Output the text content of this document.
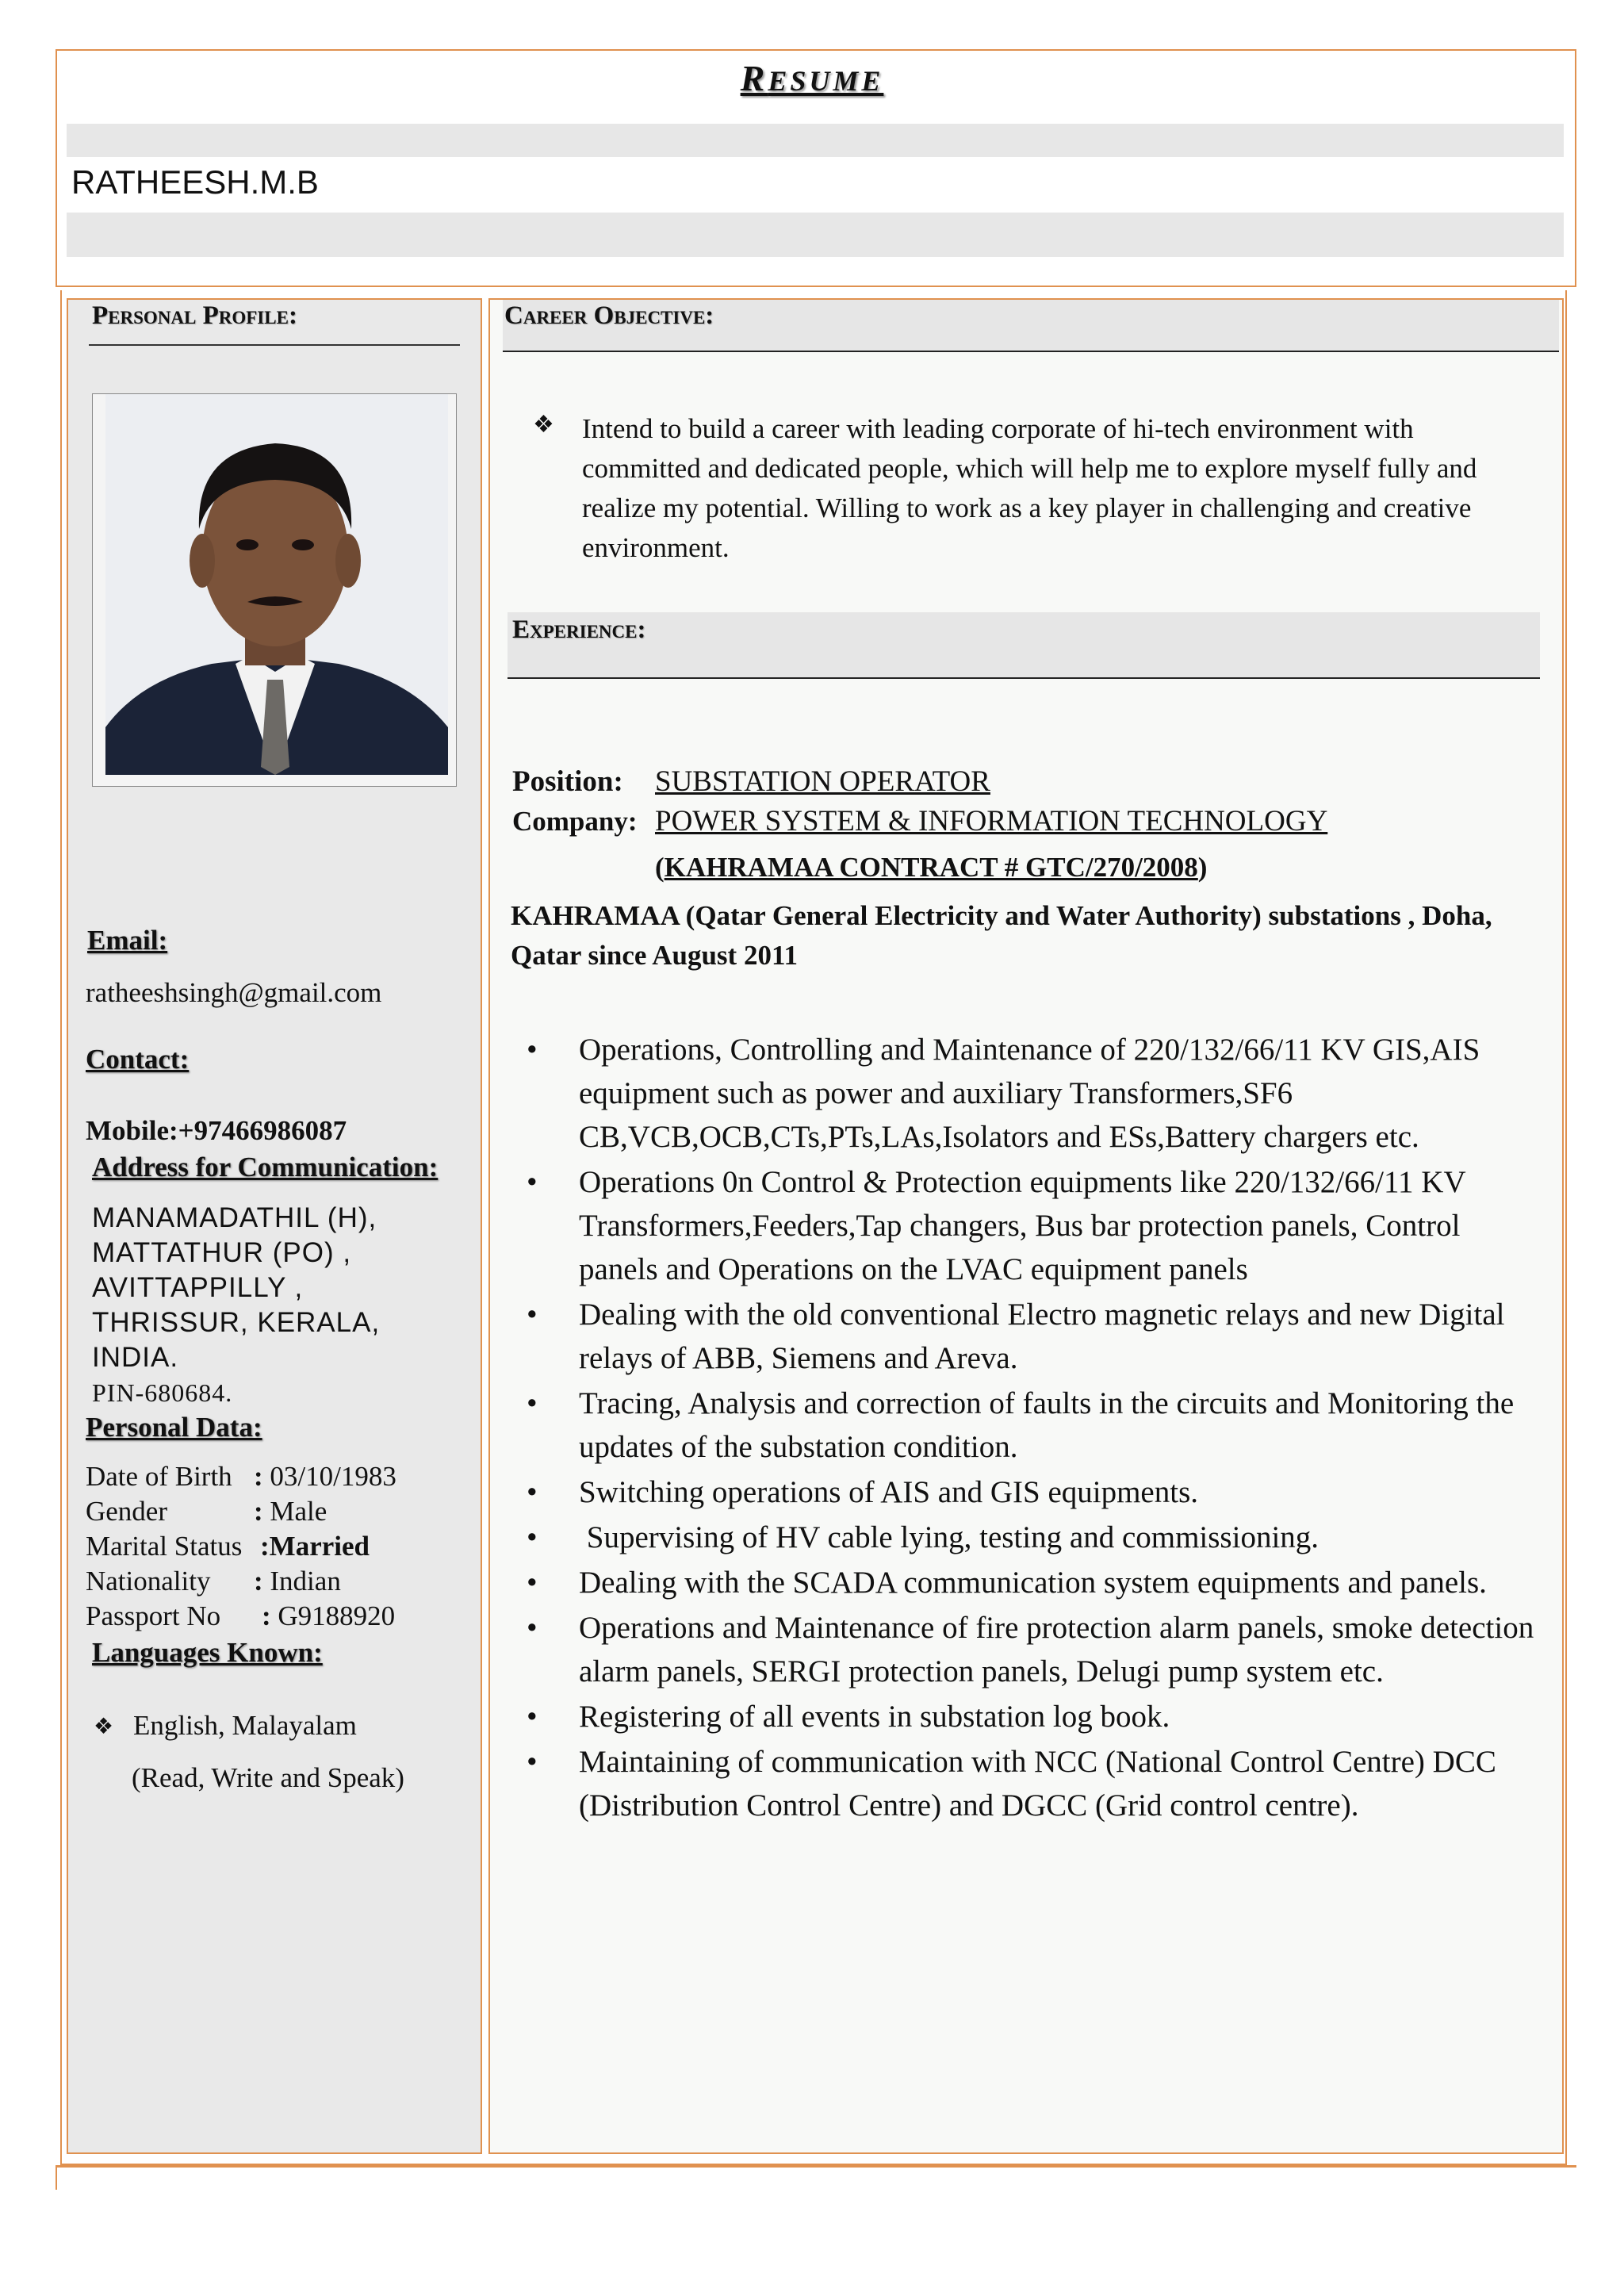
RESUME
RATHEESH.M.B
Personal Profile:
Email:
ratheeshsingh@gmail.com
Contact:
Mobile:+97466986087
Address for Communication:
MANAMADATHIL (H),
MATTATHUR (PO) ,
AVITTAPPILLY ,
THRISSUR, KERALA,
INDIA.
PIN-680684.
Personal Data:
Date of Birth : 03/10/1983
Gender	: Male
Marital Status :Married
Nationality : Indian
Passport No : G9188920
Languages Known:
❖ English, Malayalam
(Read, Write and Speak)
Career Objective:
❖ Intend to build a career with leading corporate of hi-tech environment with committed and dedicated people, which will help me to explore myself fully and realize my potential. Willing to work as a key player in challenging and creative environment.
Experience:
Position: SUBSTATION OPERATOR
Company: POWER SYSTEM & INFORMATION TECHNOLOGY
(KAHRAMAA CONTRACT # GTC/270/2008)
KAHRAMAA (Qatar General Electricity and Water Authority) substations , Doha, Qatar since August 2011
• Operations, Controlling and Maintenance of 220/132/66/11 KV GIS,AIS equipment such as power and auxiliary Transformers,SF6 CB,VCB,OCB,CTs,PTs,LAs,Isolators and ESs,Battery chargers etc.
• Operations 0n Control & Protection equipments like 220/132/66/11 KV Transformers,Feeders,Tap changers, Bus bar protection panels, Control panels and Operations on the LVAC equipment panels
• Dealing with the old conventional Electro magnetic relays and new Digital relays of ABB, Siemens and Areva.
• Tracing, Analysis and correction of faults in the circuits and Monitoring the updates of the substation condition.
• Switching operations of AIS and GIS equipments.
• Supervising of HV cable lying, testing and commissioning.
• Dealing with the SCADA communication system equipments and panels.
• Operations and Maintenance of fire protection alarm panels, smoke detection alarm panels, SERGI protection panels, Delugi pump system etc.
• Registering of all events in substation log book.
• Maintaining of communication with NCC (National Control Centre) DCC (Distribution Control Centre) and DGCC (Grid control centre).
